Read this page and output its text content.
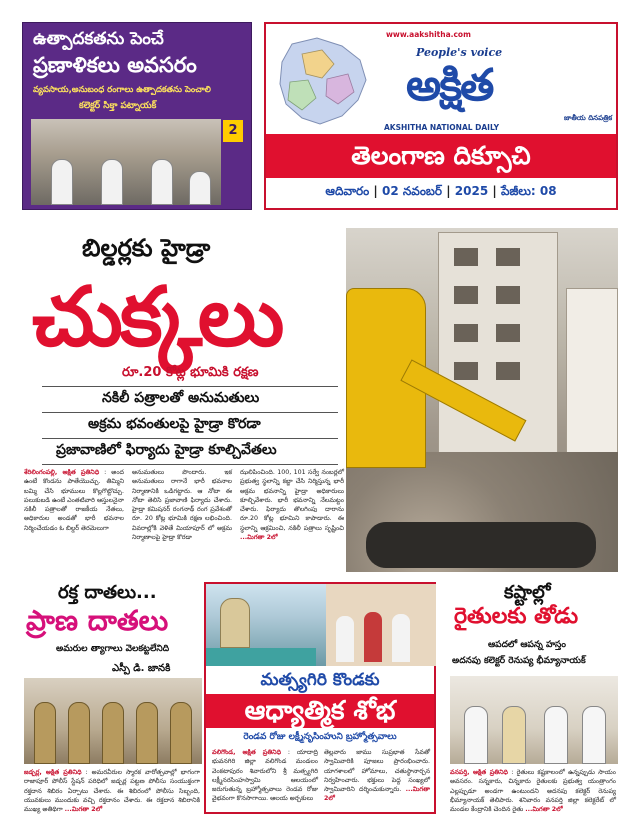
ఉత్పాదకతను పెంచే
ప్రణాళికలు అవసరం
వ్యవసాయ,అనుబంధ రంగాలు ఉత్పాదకతను పెంచాలి
కలెక్టర్ సిక్తా పట్నాయక్
2
www.aakshitha.com
People's voice
అక్షిత
జాతీయ దినపత్రిక
AKSHITHA NATIONAL DAILY
తెలంగాణ దిక్సూచి
ఆదివారం | 02 నవంబర్ | 2025 | పేజీలు: 08
బిల్డర్లకు హైడ్రా
చుక్కలు
రూ.20 కోట్ల భూమికి రక్షణ
నకిలీ పత్రాలతో అనుమతులు
అక్రమ భవంతులపై హైడ్రా కొరడా
ప్రజావాణిలో ఫిర్యాదు హైడ్రా కూల్చివేతలు
శేరిలింగంపల్లి, అక్షిత ప్రతినిధి : అంద ఉంటే కొండను పాతేయొచ్చు. తిమ్మిని బమ్మి చేసి భూములు కొల్లగొట్టొచ్చు. పలుకుబడి ఉంటే ఎంతటివారి ఆస్తులనైనా నకిలీ పత్రాలతో రాజకీయ నేతలు, అధికారుల అండతో భారీ భవనాల నిర్మించేయడం ఓ బిల్డర్ తెరమెలుగా
అనుమతులు పొందారు. ఇక అనుమతులు రాగానే భారీ భవనాల నిర్మాణానికి ఒడిగట్టారు. ఆ నోటా ఈ నోటా తెలిసి ప్రజావాణి ఫిర్యాదు చేశారు. హైడ్రా కమిషనర్ రంగనాథ్ రంగ ప్రవేశంతో రూ. 20 కోట్ల భూమికి రక్షణ లభించింది. వివరాల్లోకి వెళితే మియాపూర్ లో అక్రమ నిర్మాణాలపై హైడ్రా కొరడా
ఝలిపించింది. 100, 101 సర్వే నంబర్లలో ప్రభుత్వ స్థలాన్ని కబ్జా చేసి నిర్మిస్తున్న భారీ అక్రమ భవనాన్ని హైడ్రా అధికారులు కూల్చివేశారు. భారీ భవనాన్ని నేలమట్టం చేశారు. ఫిర్యాదు తొలగింపు దారాను రూ.20 కోట్ల భూమిని కాపాడారు. ఈ స్థలాన్ని ఆక్రమించి, నకిలీ పత్రాలు సృష్టించి ...మిగతా 2లో
రక్త దాతలు...
ప్రాణ దాతలు
అమరుల త్యాగాలు వెలకట్టలేనిది
ఎస్పీ డి. జానకి
జడ్చర్ల, అక్షిత ప్రతినిధి : అమరవీరుల స్మారక వారోత్సవాల్లో భాగంగా రాజాపూర్ పోలీస్ స్టేషన్ పరిధిలో జడ్చర్ల పట్టణ పోలీసు సంయుక్తంగా రక్తదాన శిబిరం ఏర్పాటు చేశారు. ఈ శిబిరంలో పోలీసు సిబ్బంది, యువకులు ముందుకు వచ్చి రక్తదానం చేశారు. ఈ రక్తదాన శిబిరానికి ముఖ్య అతిథిగా ...మిగతా 2లో
మత్స్యగిరి కొండకు
ఆధ్యాత్మిక శోభ
రెండవ రోజు లక్ష్మీనృసింహుని బ్రహ్మోత్సవాలు
వలిగొండ, అక్షిత ప్రతినిధి : యాదాద్రి భువనగిరి జిల్లా వలిగొండ మండలం వెంకటాపురం శివారులోని శ్రీ మత్స్యగిరి లక్ష్మీనరసింహస్వామి ఆలయంలో జరుగుతున్న బ్రహ్మోత్సవాలు రెండవ రోజు వైభవంగా కొనసాగాయి. ఆలయ అర్చకులు
తెల్లవారు జాము సుప్రభాత సేవతో స్వామివారికి పూజలు ప్రారంభించారు. యాగశాలలో హోమాలు, చతుస్థానార్చన నిర్వహించారు. భక్తులు పెద్ద సంఖ్యలో స్వామివారిని దర్శించుకున్నారు. ...మిగతా 2లో
కష్టాల్లో
రైతులకు తోడు
ఆపదలో ఆపన్న హస్తం
అదనపు కలెక్టర్ రెనుప్య భీమ్యానాయక్
వనపర్తి, అక్షిత ప్రతినిధి : రైతులు కష్టకాలంలో ఉన్నప్పుడు సాయం అవసరం. సన్నకారు, చిన్నకారు రైతులకు ప్రభుత్వ యంత్రాంగం ఎల్లప్పుడూ అండగా ఉంటుందని అదనపు కలెక్టర్ రెనుప్య భీమ్యానాయక్ తెలిపారు. శనివారం వనపర్తి జిల్లా కలెక్టరేట్ లో మండల కేంద్రానికి చెందిన రైతు ...మిగతా 2లో
